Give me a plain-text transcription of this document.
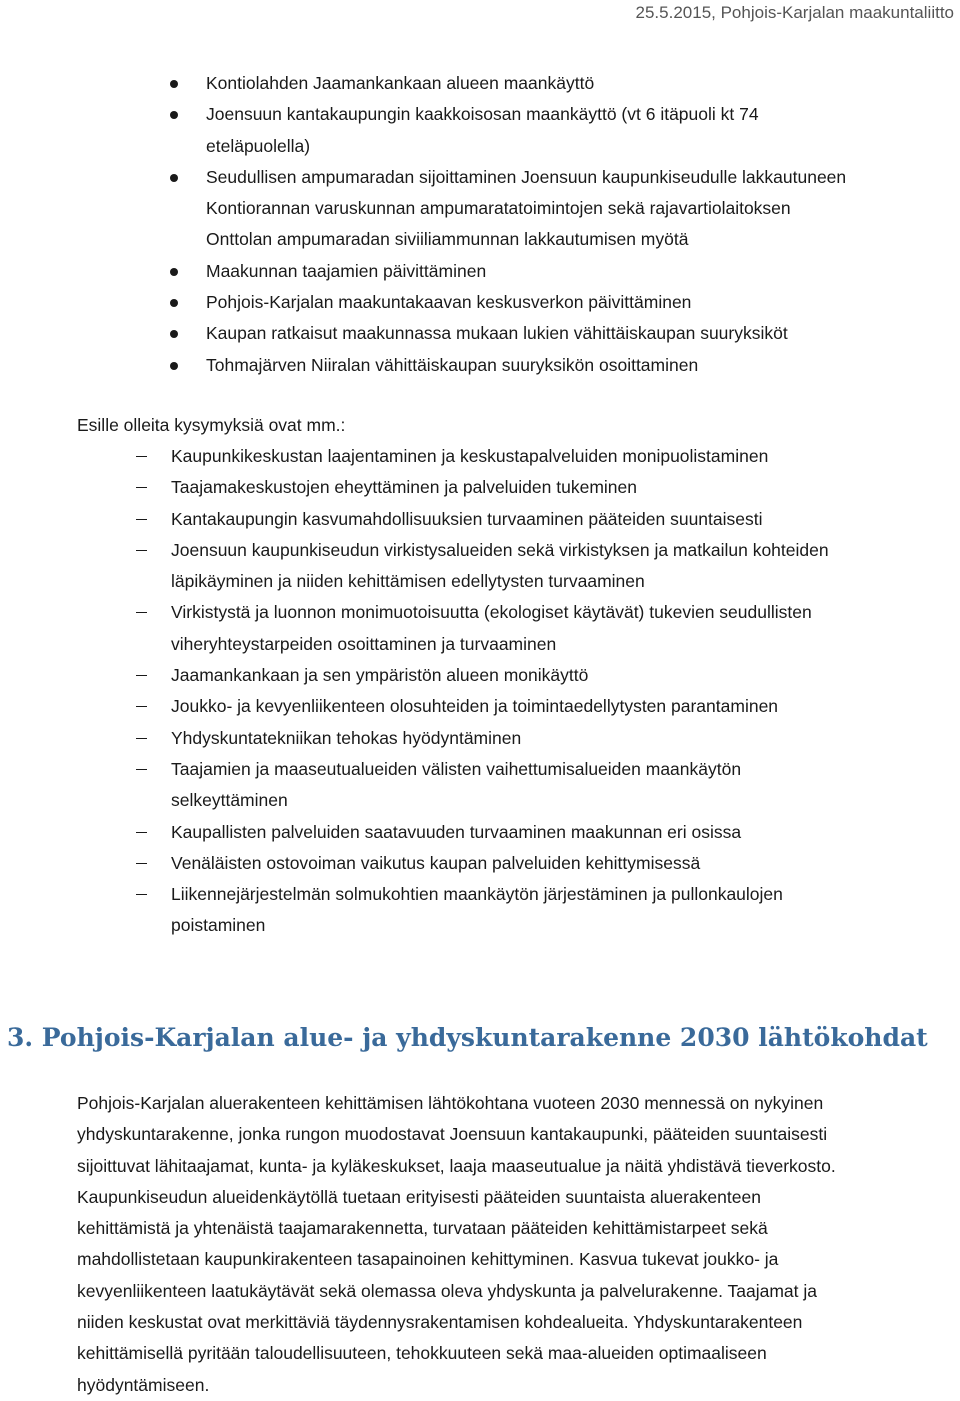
25.5.2015, Pohjois-Karjalan maakuntaliitto
Kontiolahden Jaamankankaan alueen maankäyttö
Joensuun kantakaupungin kaakkoisosan maankäyttö (vt 6 itäpuoli kt 74
eteläpuolella)
Seudullisen ampumaradan sijoittaminen Joensuun kaupunkiseudulle lakkautuneen
Kontiorannan varuskunnan ampumaratatoimintojen sekä rajavartiolaitoksen
Onttolan ampumaradan siviiliammunnan lakkautumisen myötä
Maakunnan taajamien päivittäminen
Pohjois-Karjalan maakuntakaavan keskusverkon päivittäminen
Kaupan ratkaisut maakunnassa mukaan lukien vähittäiskaupan suuryksiköt
Tohmajärven Niiralan vähittäiskaupan suuryksikön osoittaminen
Esille olleita kysymyksiä ovat mm.:
Kaupunkikeskustan laajentaminen ja keskustapalveluiden monipuolistaminen
Taajamakeskustojen eheyttäminen ja palveluiden tukeminen
Kantakaupungin kasvumahdollisuuksien turvaaminen pääteiden suuntaisesti
Joensuun kaupunkiseudun virkistysalueiden sekä virkistyksen ja matkailun kohteiden
läpikäyminen ja niiden kehittämisen edellytysten turvaaminen
Virkistystä ja luonnon monimuotoisuutta (ekologiset käytävät) tukevien seudullisten
viheryhteystarpeiden osoittaminen ja turvaaminen
Jaamankankaan ja sen ympäristön alueen monikäyttö
Joukko- ja kevyenliikenteen olosuhteiden ja toimintaedellytysten parantaminen
Yhdyskuntatekniikan tehokas hyödyntäminen
Taajamien ja maaseutualueiden välisten vaihettumisalueiden maankäytön
selkeyttäminen
Kaupallisten palveluiden saatavuuden turvaaminen maakunnan eri osissa
Venäläisten ostovoiman vaikutus kaupan palveluiden kehittymisessä
Liikennejärjestelmän solmukohtien maankäytön järjestäminen ja pullonkaulojen
poistaminen
3. Pohjois-Karjalan alue- ja yhdyskuntarakenne 2030 lähtökohdat

Pohjois-Karjalan aluerakenteen kehittämisen lähtökohtana vuoteen 2030 mennessä on nykyinen
yhdyskuntarakenne, jonka rungon muodostavat Joensuun kantakaupunki, pääteiden suuntaisesti
sijoittuvat lähitaajamat, kunta- ja kyläkeskukset, laaja maaseutualue ja näitä yhdistävä tieverkosto.
Kaupunkiseudun alueidenkäytöllä tuetaan erityisesti pääteiden suuntaista aluerakenteen
kehittämistä ja yhtenäistä taajamarakennetta, turvataan pääteiden kehittämistarpeet sekä
mahdollistetaan kaupunkirakenteen tasapainoinen kehittyminen. Kasvua tukevat joukko- ja
kevyenliikenteen laatukäytävät sekä olemassa oleva yhdyskunta ja palvelurakenne. Taajamat ja
niiden keskustat ovat merkittäviä täydennysrakentamisen kohdealueita. Yhdyskuntarakenteen
kehittämisellä pyritään taloudellisuuteen, tehokkuuteen sekä maa-alueiden optimaaliseen
hyödyntämiseen.
